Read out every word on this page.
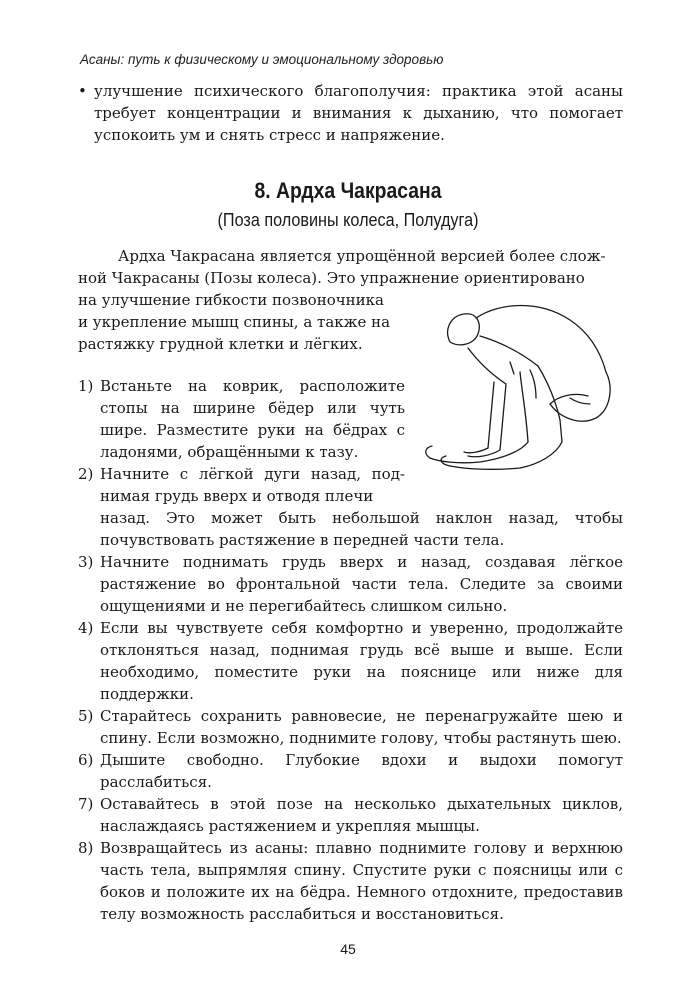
Асаны: путь к физическому и эмоциональному здоровью
• улучшение психического благополучия: практика этой асаны требует концентрации и внимания к дыханию, что помогает успокоить ум и снять стресс и напряжение.
8. Ардха Чакрасана
(Поза половины колеса, Полудуга)
Ардха Чакрасана является упрощённой версией более слож-
ной Чакрасаны (Позы колеса). Это упражнение ориентировано
на улучшение гибкости позвоночника
и укрепление мышц спины, а также на
растяжку грудной клетки и лёгких.
1) Встаньте на коврик, расположите стопы на ширине бёдер или чуть шире. Разместите руки на бёдрах с ладонями, обращёнными к тазу.
2) Начните с лёгкой дуги назад, под-нимая грудь вверх и отводя плечи
назад. Это может быть небольшой наклон назад, чтобы почувствовать растяжение в передней части тела.
3) Начните поднимать грудь вверх и назад, создавая лёгкое растяжение во фронтальной части тела. Следите за своими ощущениями и не перегибайтесь слишком сильно.
4) Если вы чувствуете себя комфортно и уверенно, продолжайте отклоняться назад, поднимая грудь всё выше и выше. Если необходимо, поместите руки на пояснице или ниже для поддержки.
5) Старайтесь сохранить равновесие, не перенагружайте шею и спину. Если возможно, поднимите голову, чтобы растянуть шею.
6) Дышите свободно. Глубокие вдохи и выдохи помогут расслабиться.
7) Оставайтесь в этой позе на несколько дыхательных циклов, наслаждаясь растяжением и укрепляя мышцы.
8) Возвращайтесь из асаны: плавно поднимите голову и верхнюю часть тела, выпрямляя спину. Спустите руки с поясницы или с боков и положите их на бёдра. Немного отдохните, предоставив телу возможность расслабиться и восстановиться.
45
